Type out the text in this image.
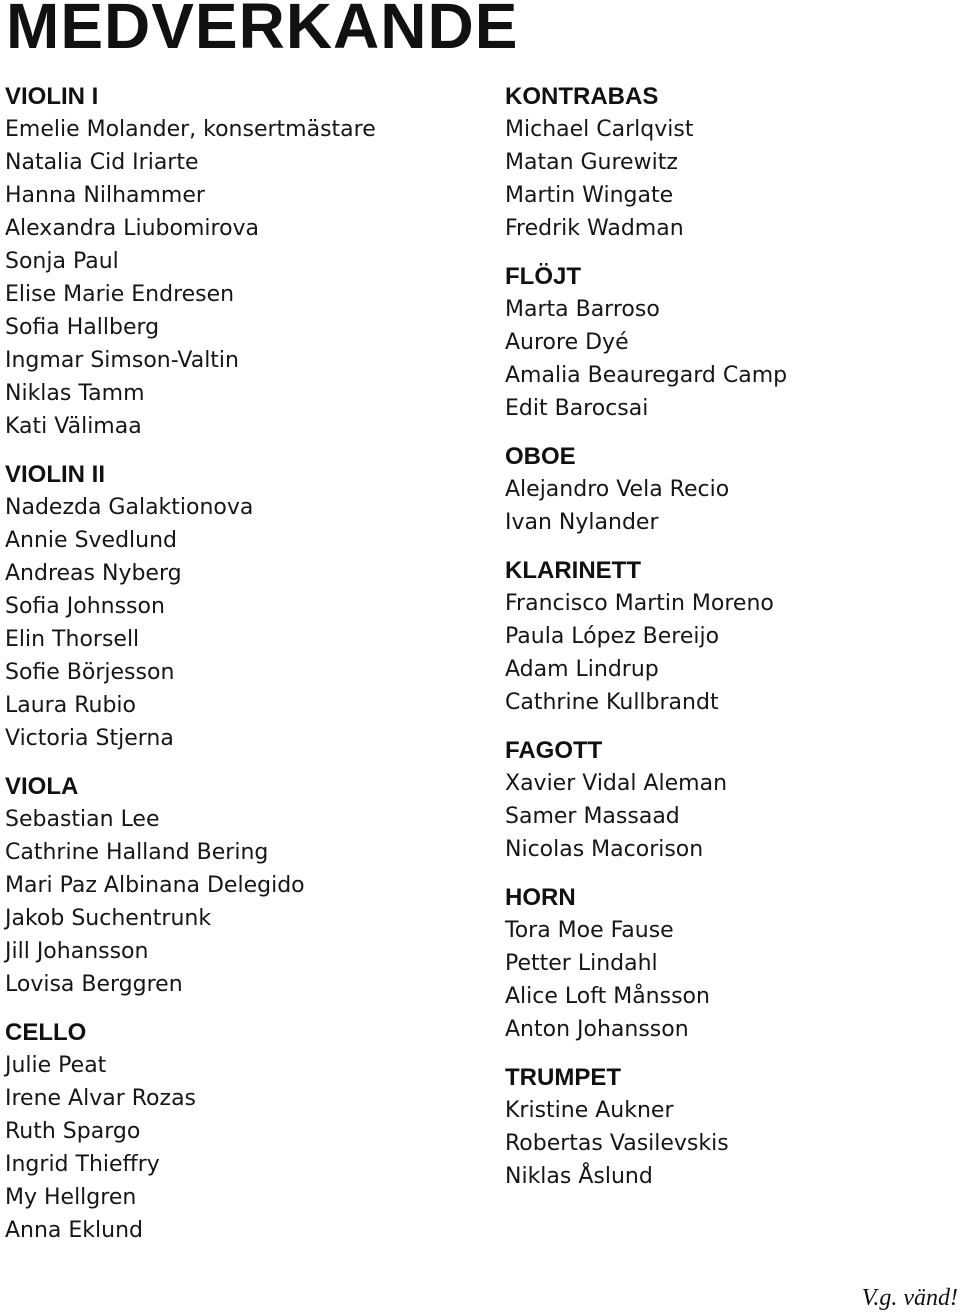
MEDVERKANDE
VIOLIN I
Emelie Molander, konsertmästare
Natalia Cid Iriarte
Hanna Nilhammer
Alexandra Liubomirova
Sonja Paul
Elise Marie Endresen
Sofia Hallberg
Ingmar Simson-Valtin
Niklas Tamm
Kati Välimaa
VIOLIN II
Nadezda Galaktionova
Annie Svedlund
Andreas Nyberg
Sofia Johnsson
Elin Thorsell
Sofie Börjesson
Laura Rubio
Victoria Stjerna
VIOLA
Sebastian Lee
Cathrine Halland Bering
Mari Paz Albinana Delegido
Jakob Suchentrunk
Jill Johansson
Lovisa Berggren
CELLO
Julie Peat
Irene Alvar Rozas
Ruth Spargo
Ingrid Thieffry
My Hellgren
Anna Eklund
KONTRABAS
Michael Carlqvist
Matan Gurewitz
Martin Wingate
Fredrik Wadman
FLÖJT
Marta Barroso
Aurore Dyé
Amalia Beauregard Camp
Edit Barocsai
OBOE
Alejandro Vela Recio
Ivan Nylander
KLARINETT
Francisco Martin Moreno
Paula López Bereijo
Adam Lindrup
Cathrine Kullbrandt
FAGOTT
Xavier Vidal Aleman
Samer Massaad
Nicolas Macorison
HORN
Tora Moe Fause
Petter Lindahl
Alice Loft Månsson
Anton Johansson
TRUMPET
Kristine Aukner
Robertas Vasilevskis
Niklas Åslund
V.g. vänd!
